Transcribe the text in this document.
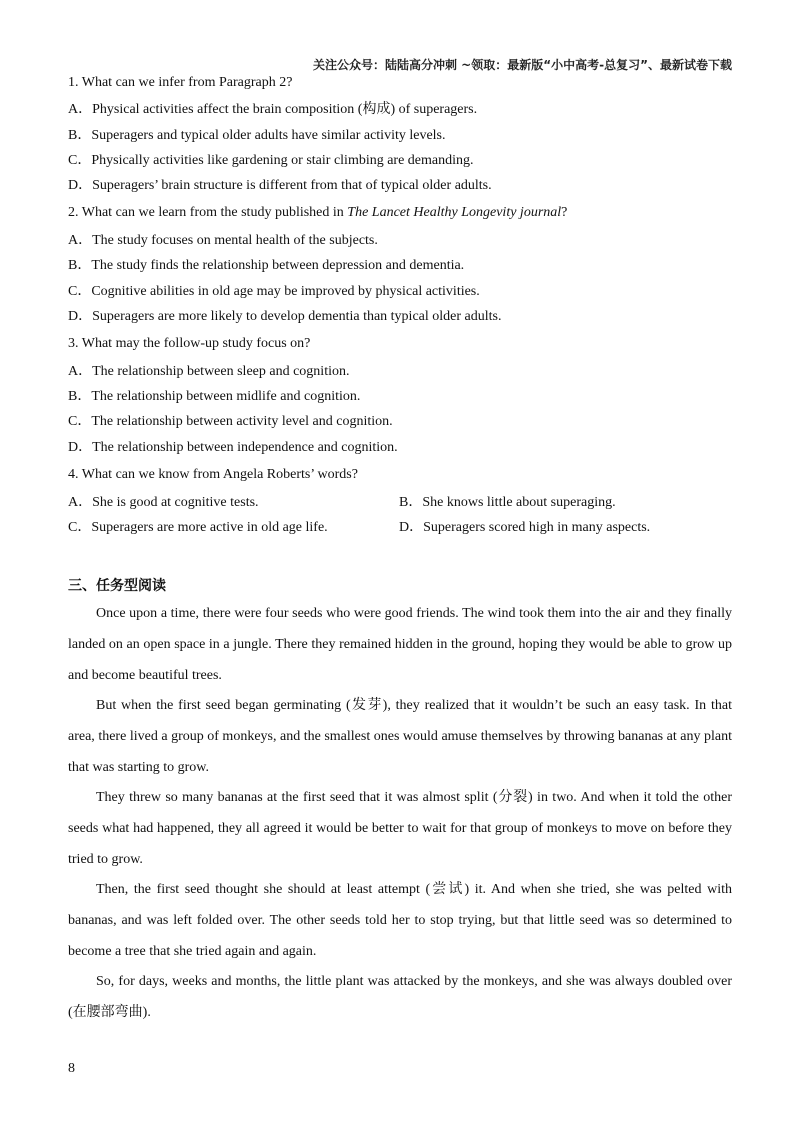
关注公众号：陆陆高分冲刺 ~领取：最新版“小中高考-总复习”、最新试卷下载
1. What can we infer from Paragraph 2?
A．Physical activities affect the brain composition (构成) of superagers.
B．Superagers and typical older adults have similar activity levels.
C．Physically activities like gardening or stair climbing are demanding.
D．Superagers’ brain structure is different from that of typical older adults.
2. What can we learn from the study published in The Lancet Healthy Longevity journal?
A．The study focuses on mental health of the subjects.
B．The study finds the relationship between depression and dementia.
C．Cognitive abilities in old age may be improved by physical activities.
D．Superagers are more likely to develop dementia than typical older adults.
3. What may the follow-up study focus on?
A．The relationship between sleep and cognition.
B．The relationship between midlife and cognition.
C．The relationship between activity level and cognition.
D．The relationship between independence and cognition.
4. What can we know from Angela Roberts’ words?
A．She is good at cognitive tests.	B．She knows little about superaging.
C．Superagers are more active in old age life.	D．Superagers scored high in many aspects.
三、任务型阅读

Once upon a time, there were four seeds who were good friends. The wind took them into the air and they finally landed on an open space in a jungle. There they remained hidden in the ground, hoping they would be able to grow up and become beautiful trees.

But when the first seed began germinating (发芽), they realized that it wouldn’t be such an easy task. In that area, there lived a group of monkeys, and the smallest ones would amuse themselves by throwing bananas at any plant that was starting to grow.

They threw so many bananas at the first seed that it was almost split (分裂) in two. And when it told the other seeds what had happened, they all agreed it would be better to wait for that group of monkeys to move on before they tried to grow.

Then, the first seed thought she should at least attempt (尝试) it. And when she tried, she was pelted with bananas, and was left folded over. The other seeds told her to stop trying, but that little seed was so determined to become a tree that she tried again and again.

So, for days, weeks and months, the little plant was attacked by the monkeys, and she was always doubled over (在腰部弯曲).

8
